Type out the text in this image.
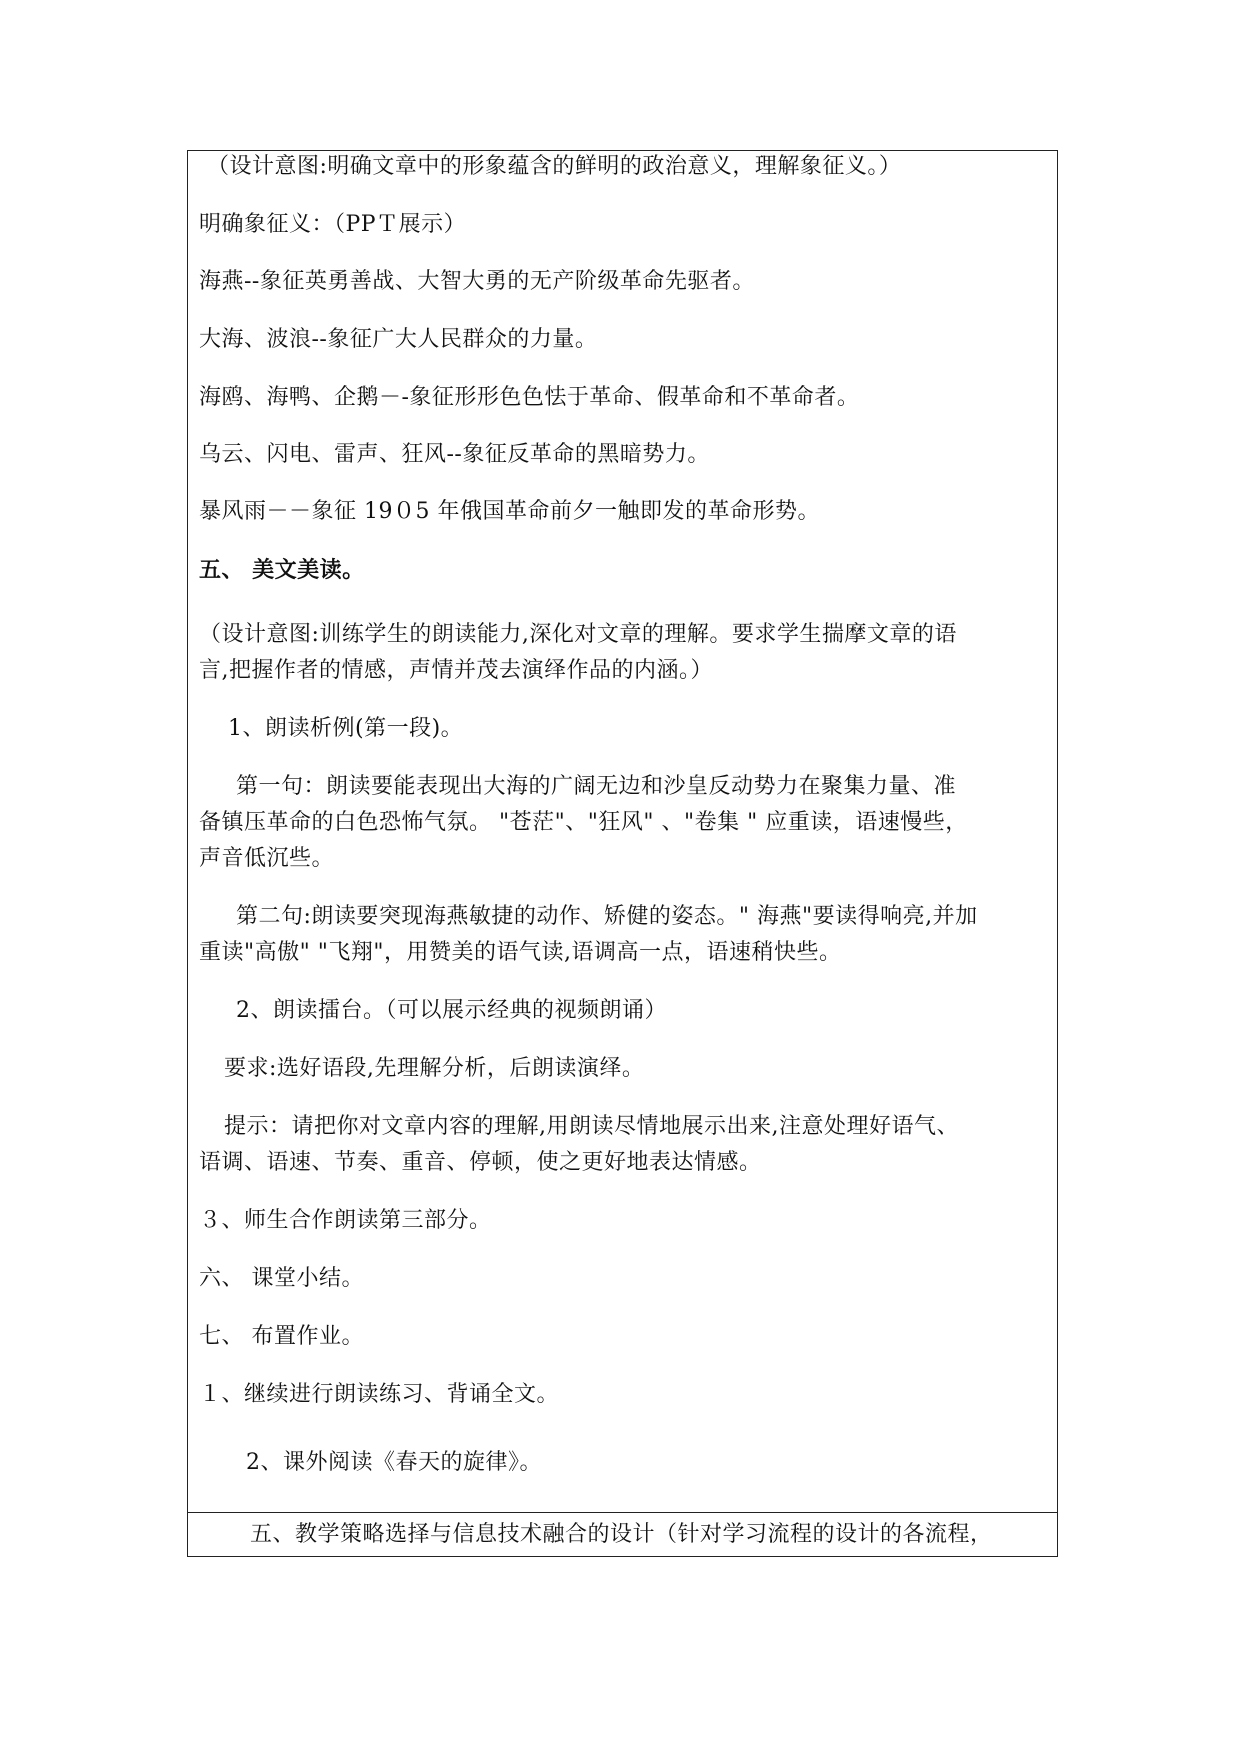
（设计意图:明确文章中的形象蕴含的鲜明的政治意义，理解象征义。）
明确象征义：（PPＴ展示）
海燕--象征英勇善战、大智大勇的无产阶级革命先驱者。
大海、波浪--象征广大人民群众的力量。
海鸥、海鸭、企鹅－-象征形形色色怯于革命、假革命和不革命者。
乌云、闪电、雷声、狂风--象征反革命的黑暗势力。
暴风雨－－象征 19０5 年俄国革命前夕一触即发的革命形势。
五、 美文美读。
（设计意图:训练学生的朗读能力,深化对文章的理解。要求学生揣摩文章的语
言,把握作者的情感，声情并茂去演绎作品的内涵。）
1、朗读析例(第一段)。
第一句：朗读要能表现出大海的广阔无边和沙皇反动势力在聚集力量、准
备镇压革命的白色恐怖气氛。 "苍茫"、"狂风" 、"卷集 " 应重读，语速慢些，
声音低沉些。
第二句:朗读要突现海燕敏捷的动作、矫健的姿态。" 海燕"要读得响亮,并加
重读"高傲" "飞翔"，用赞美的语气读,语调高一点，语速稍快些。
2、朗读擂台。（可以展示经典的视频朗诵）
要求:选好语段,先理解分析，后朗读演绎。
提示：请把你对文章内容的理解,用朗读尽情地展示出来,注意处理好语气、
语调、语速、节奏、重音、停顿，使之更好地表达情感。
３、师生合作朗读第三部分。
六、 课堂小结。
七、 布置作业。
１、继续进行朗读练习、背诵全文。
2、课外阅读《春天的旋律》。
五、教学策略选择与信息技术融合的设计（针对学习流程的设计的各流程，
